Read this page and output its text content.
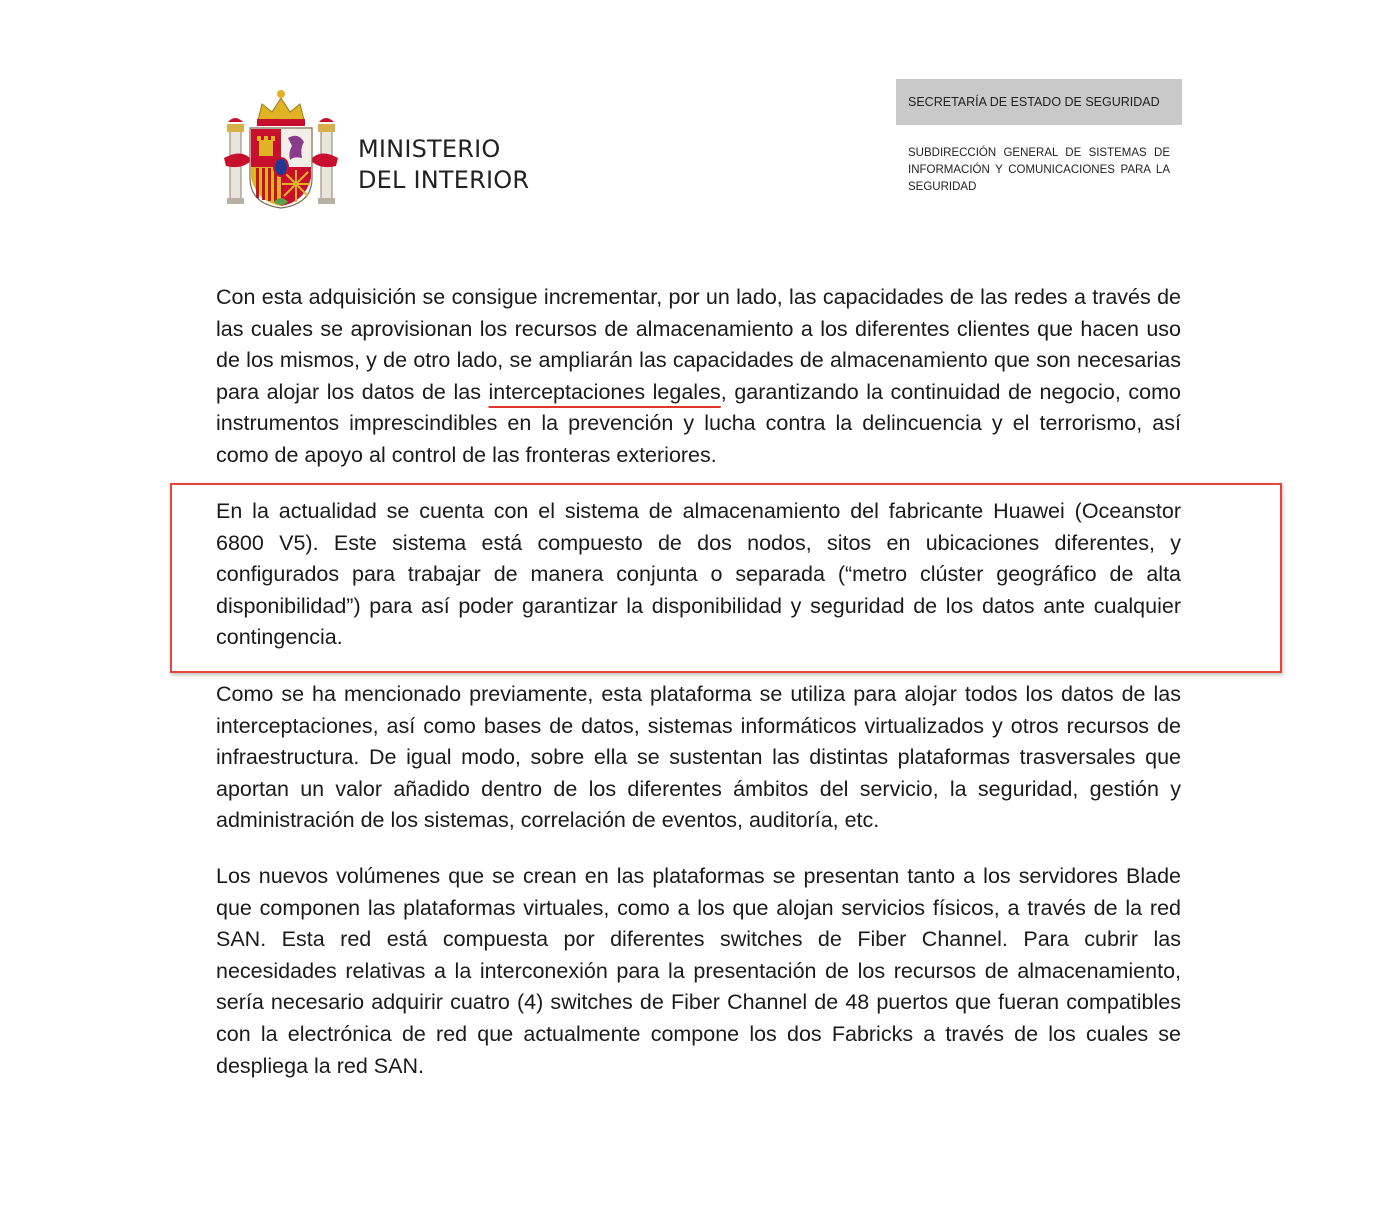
MINISTERIO
DEL INTERIOR
SECRETARÍA DE ESTADO DE SEGURIDAD
SUBDIRECCIÓN GENERAL DE SISTEMAS DE INFORMACIÓN Y COMUNICACIONES PARA LA SEGURIDAD

Con esta adquisición se consigue incrementar, por un lado, las capacidades de las redes a través de las cuales se aprovisionan los recursos de almacenamiento a los diferentes clientes que hacen uso de los mismos, y de otro lado, se ampliarán las capacidades de almacenamiento que son necesarias para alojar los datos de las interceptaciones legales, garantizando la continuidad de negocio, como instrumentos imprescindibles en la prevención y lucha contra la delincuencia y el terrorismo, así como de apoyo al control de las fronteras exteriores.

En la actualidad se cuenta con el sistema de almacenamiento del fabricante Huawei (Oceanstor 6800 V5). Este sistema está compuesto de dos nodos, sitos en ubicaciones diferentes, y configurados para trabajar de manera conjunta o separada (“metro clúster geográfico de alta disponibilidad”) para así poder garantizar la disponibilidad y seguridad de los datos ante cualquier contingencia.

Como se ha mencionado previamente, esta plataforma se utiliza para alojar todos los datos de las interceptaciones, así como bases de datos, sistemas informáticos virtualizados y otros recursos de infraestructura. De igual modo, sobre ella se sustentan las distintas plataformas trasversales que aportan un valor añadido dentro de los diferentes ámbitos del servicio, la seguridad, gestión y administración de los sistemas, correlación de eventos, auditoría, etc.

Los nuevos volúmenes que se crean en las plataformas se presentan tanto a los servidores Blade que componen las plataformas virtuales, como a los que alojan servicios físicos, a través de la red SAN. Esta red está compuesta por diferentes switches de Fiber Channel. Para cubrir las necesidades relativas a la interconexión para la presentación de los recursos de almacenamiento, sería necesario adquirir cuatro (4) switches de Fiber Channel de 48 puertos que fueran compatibles con la electrónica de red que actualmente compone los dos Fabricks a través de los cuales se despliega la red SAN.
